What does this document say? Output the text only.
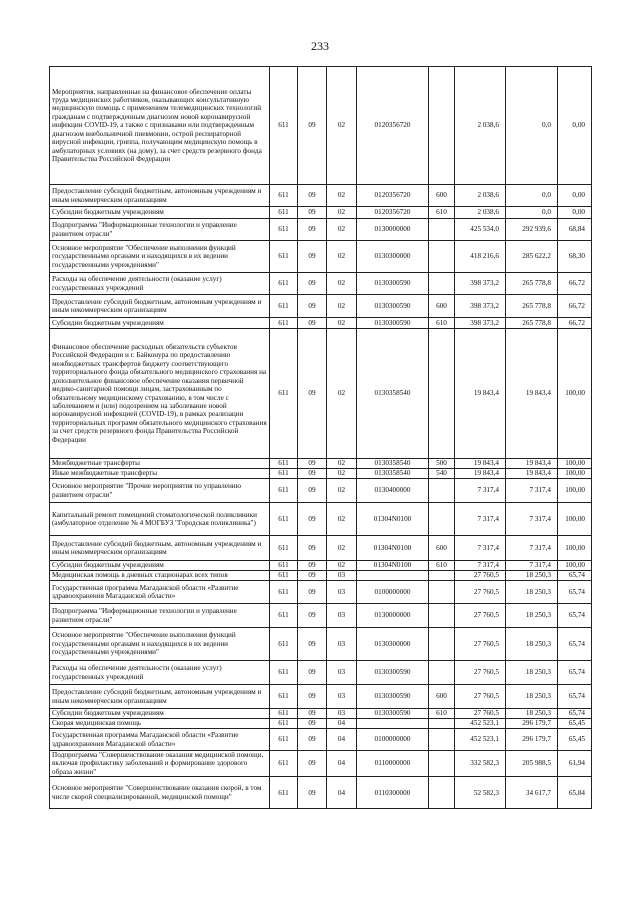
233
Мероприятия, направленные на финансовое обеспечение оплаты труда медицинских работников, оказывающих консультативную медицинскую помощь с применением телемедицинских технологий гражданам с подтвержденным диагнозом новой коронавирусной инфекции COVID-19, а также с признаками или подтвержденным диагнозом внебольничной пневмонии, острой респираторной вирусной инфекции, гриппа, получающим медицинскую помощь в амбулаторных условиях (на дому), за счет средств резервного фонда Правительства Российской Федерации	611	09	02	0120356720		2 038,6	0,0	0,00
Предоставление субсидий бюджетным, автономным учреждениям и иным некоммерческим организациям	611	09	02	0120356720	600	2 038,6	0,0	0,00
Субсидии бюджетным учреждениям	611	09	02	0120356720	610	2 038,6	0,0	0,00
Подпрограмма "Информационные технологии и управление развитием отрасли"	611	09	02	0130000000		425 534,0	292 939,6	68,84
Основное мероприятие "Обеспечение выполнения функций государственными органами и находящихся в их ведении государственными учреждениями"	611	09	02	0130300000		418 216,6	285 622,2	68,30
Расходы на обеспечение деятельности (оказание услуг) государственных учреждений	611	09	02	0130300590		398 373,2	265 778,8	66,72
Предоставление субсидий бюджетным, автономным учреждениям и иным некоммерческим организациям	611	09	02	0130300590	600	398 373,2	265 778,8	66,72
Субсидии бюджетным учреждениям	611	09	02	0130300590	610	398 373,2	265 778,8	66,72
Финансовое обеспечение расходных обязательств субъектов Российской Федерации и г. Байконура по предоставлению межбюджетных трансфертов бюджету соответствующего территориального фонда обязательного медицинского страхования на дополнительное финансовое обеспечение оказания первичной медико-санитарной помощи лицам, застрахованным по обязательному медицинскому страхованию, в том числе с заболеванием и (или) подозрением на заболевание новой коронавирусной инфекцией (COVID-19), в рамках реализации территориальных программ обязательного медицинского страхования за счет средств резервного фонда Правительства Российской Федерации	611	09	02	0130358540		19 843,4	19 843,4	100,00
Межбюджетные трансферты	611	09	02	0130358540	500	19 843,4	19 843,4	100,00
Иные межбюджетные трансферты	611	09	02	0130358540	540	19 843,4	19 843,4	100,00
Основное мероприятие "Прочие мероприятия по управлению развитием отрасли"	611	09	02	0130400000		7 317,4	7 317,4	100,00
Капитальный ремонт помещений стоматологической поликлиники (амбулаторное отделение № 4 МОГБУЗ "Городская поликлиника")	611	09	02	01304N0100		7 317,4	7 317,4	100,00
Предоставление субсидий бюджетным, автономным учреждениям и иным некоммерческим организациям	611	09	02	01304N0100	600	7 317,4	7 317,4	100,00
Субсидии бюджетным учреждениям	611	09	02	01304N0100	610	7 317,4	7 317,4	100,00
Медицинская помощь в дневных стационарах всех типов	611	09	03			27 760,5	18 250,3	65,74
Государственная программа Магаданской области «Развитие здравоохранения Магаданской области»	611	09	03	0100000000		27 760,5	18 250,3	65,74
Подпрограмма "Информационные технологии и управление развитием отрасли"	611	09	03	0130000000		27 760,5	18 250,3	65,74
Основное мероприятие "Обеспечение выполнения функций государственными органами и находящихся в их ведении государственными учреждениями"	611	09	03	0130300000		27 760,5	18 250,3	65,74
Расходы на обеспечение деятельности (оказание услуг) государственных учреждений	611	09	03	0130300590		27 760,5	18 250,3	65,74
Предоставление субсидий бюджетным, автономным учреждениям и иным некоммерческим организациям	611	09	03	0130300590	600	27 760,5	18 250,3	65,74
Субсидии бюджетным учреждениям	611	09	03	0130300590	610	27 760,5	18 250,3	65,74
Скорая медицинская помощь	611	09	04			452 523,1	296 179,7	65,45
Государственная программа Магаданской области «Развитие здравоохранения Магаданской области»	611	09	04	0100000000		452 523,1	296 179,7	65,45
Подпрограмма "Совершенствование оказания медицинской помощи, включая профилактику заболеваний и формирование здорового образа жизни"	611	09	04	0110000000		332 582,3	205 988,5	61,94
Основное мероприятие "Совершенствование оказания скорой, в том числе скорой специализированной, медицинской помощи"	611	09	04	0110300000		52 582,3	34 617,7	65,84
